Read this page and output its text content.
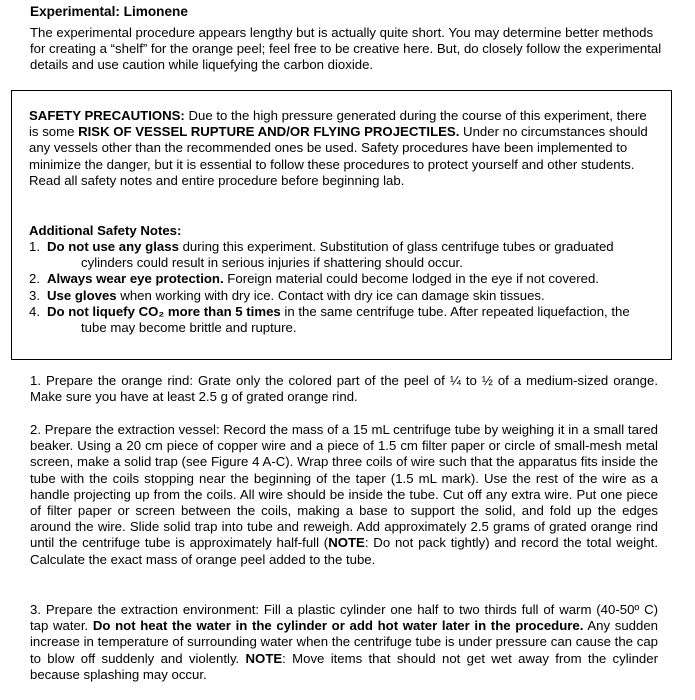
Experimental: Limonene
The experimental procedure appears lengthy but is actually quite short. You may determine better methods for creating a “shelf” for the orange peel; feel free to be creative here. But, do closely follow the experimental details and use caution while liquefying the carbon dioxide.
SAFETY PRECAUTIONS: Due to the high pressure generated during the course of this experiment, there is some RISK OF VESSEL RUPTURE AND/OR FLYING PROJECTILES. Under no circumstances should any vessels other than the recommended ones be used. Safety procedures have been implemented to minimize the danger, but it is essential to follow these procedures to protect yourself and other students. Read all safety notes and entire procedure before beginning lab.
Additional Safety Notes:
1. Do not use any glass during this experiment. Substitution of glass centrifuge tubes or graduated cylinders could result in serious injuries if shattering should occur.
2. Always wear eye protection. Foreign material could become lodged in the eye if not covered.
3. Use gloves when working with dry ice. Contact with dry ice can damage skin tissues.
4. Do not liquefy CO₂ more than 5 times in the same centrifuge tube. After repeated liquefaction, the tube may become brittle and rupture.
1. Prepare the orange rind: Grate only the colored part of the peel of ¼ to ½ of a medium-sized orange. Make sure you have at least 2.5 g of grated orange rind.
2. Prepare the extraction vessel: Record the mass of a 15 mL centrifuge tube by weighing it in a small tared beaker. Using a 20 cm piece of copper wire and a piece of 1.5 cm filter paper or circle of small-mesh metal screen, make a solid trap (see Figure 4 A-C). Wrap three coils of wire such that the apparatus fits inside the tube with the coils stopping near the beginning of the taper (1.5 mL mark). Use the rest of the wire as a handle projecting up from the coils. All wire should be inside the tube. Cut off any extra wire. Put one piece of filter paper or screen between the coils, making a base to support the solid, and fold up the edges around the wire. Slide solid trap into tube and reweigh. Add approximately 2.5 grams of grated orange rind until the centrifuge tube is approximately half-full (NOTE: Do not pack tightly) and record the total weight. Calculate the exact mass of orange peel added to the tube.
3. Prepare the extraction environment: Fill a plastic cylinder one half to two thirds full of warm (40-50º C) tap water. Do not heat the water in the cylinder or add hot water later in the procedure. Any sudden increase in temperature of surrounding water when the centrifuge tube is under pressure can cause the cap to blow off suddenly and violently. NOTE: Move items that should not get wet away from the cylinder because splashing may occur.
